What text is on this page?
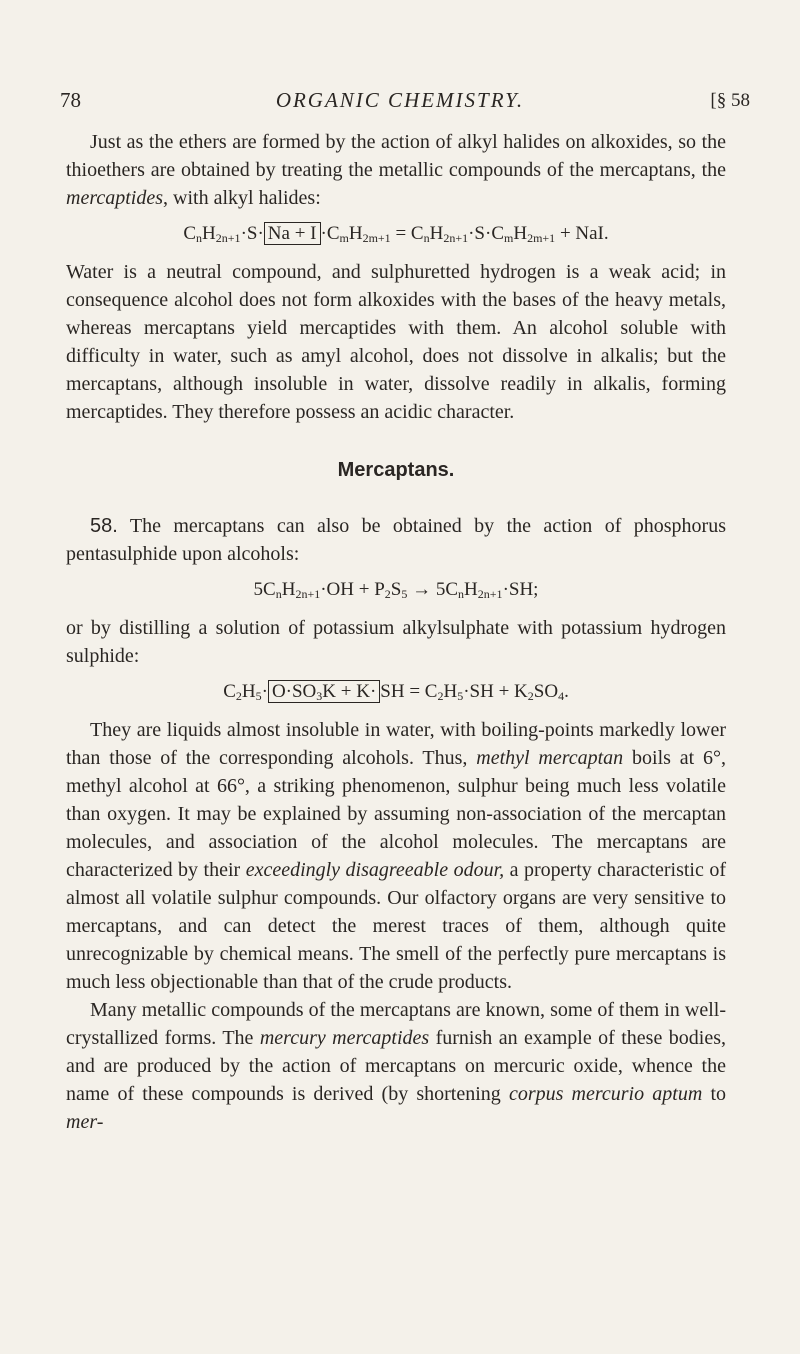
78	ORGANIC CHEMISTRY.	[§ 58

Just as the ethers are formed by the action of alkyl halides on alkoxides, so the thioethers are obtained by treating the metallic compounds of the mercaptans, the mercaptides, with alkyl halides:

$C_nH_{2n+1}\cdot S\cdot Na + I \cdot C_mH_{2m+1} = C_nH_{2n+1}\cdot S\cdot C_mH_{2m+1}$ + NaI.

Water is a neutral compound, and sulphuretted hydrogen is a weak acid; in consequence alcohol does not form alkoxides with the bases of the heavy metals, whereas mercaptans yield mercaptides with them. An alcohol soluble with difficulty in water, such as amyl alcohol, does not dissolve in alkalis; but the mercaptans, although insoluble in water, dissolve readily in alkalis, forming mercaptides. They therefore possess an acidic character.

Mercaptans.

58. The mercaptans can also be obtained by the action of phosphorus pentasulphide upon alcohols:

$5C_nH_{2n+1}\cdot OH + P_2S_5 \to 5C_nH_{2n+1}\cdot SH$;

or by distilling a solution of potassium alkylsulphate with potassium hydrogen sulphide:

$C_2H_5\cdot O\cdot SO_3K + K\cdot$ SH = $C_2H_5\cdot SH + K_2SO_4$.

They are liquids almost insoluble in water, with boiling-points markedly lower than those of the corresponding alcohols. Thus, methyl mercaptan boils at 6°, methyl alcohol at 66°, a striking phenomenon, sulphur being much less volatile than oxygen. It may be explained by assuming non-association of the mercaptan molecules, and association of the alcohol molecules. The mercaptans are characterized by their exceedingly disagreeable odour, a property characteristic of almost all volatile sulphur compounds. Our olfactory organs are very sensitive to mercaptans, and can detect the merest traces of them, although quite unrecognizable by chemical means. The smell of the perfectly pure mercaptans is much less objectionable than that of the crude products.

Many metallic compounds of the mercaptans are known, some of them in well-crystallized forms. The mercury mercaptides furnish an example of these bodies, and are produced by the action of mercaptans on mercuric oxide, whence the name of these compounds is derived (by shortening corpus mercurio aptum to mer-
